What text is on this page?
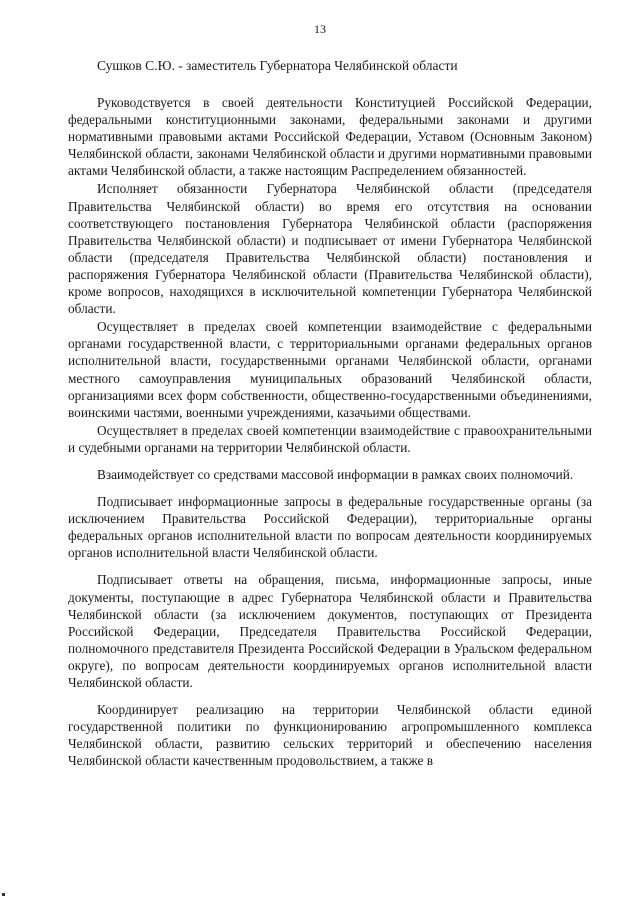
13
Сушков С.Ю. - заместитель Губернатора Челябинской области

Руководствуется в своей деятельности Конституцией Российской Федерации, федеральными конституционными законами, федеральными законами и другими нормативными правовыми актами Российской Федерации, Уставом (Основным Законом) Челябинской области, законами Челябинской области и другими нормативными правовыми актами Челябинской области, а также настоящим Распределением обязанностей.

Исполняет обязанности Губернатора Челябинской области (председателя Правительства Челябинской области) во время его отсутствия на основании соответствующего постановления Губернатора Челябинской области (распоряжения Правительства Челябинской области) и подписывает от имени Губернатора Челябинской области (председателя Правительства Челябинской области) постановления и распоряжения Губернатора Челябинской области (Правительства Челябинской области), кроме вопросов, находящихся в исключительной компетенции Губернатора Челябинской области.

Осуществляет в пределах своей компетенции взаимодействие с федеральными органами государственной власти, с территориальными органами федеральных органов исполнительной власти, государственными органами Челябинской области, органами местного самоуправления муниципальных образований Челябинской области, организациями всех форм собственности, общественно-государственными объединениями, воинскими частями, военными учреждениями, казачьими обществами.

Осуществляет в пределах своей компетенции взаимодействие с правоохранительными и судебными органами на территории Челябинской области.

Взаимодействует со средствами массовой информации в рамках своих полномочий.

Подписывает информационные запросы в федеральные государственные органы (за исключением Правительства Российской Федерации), территориальные органы федеральных органов исполнительной власти по вопросам деятельности координируемых органов исполнительной власти Челябинской области.

Подписывает ответы на обращения, письма, информационные запросы, иные документы, поступающие в адрес Губернатора Челябинской области и Правительства Челябинской области (за исключением документов, поступающих от Президента Российской Федерации, Председателя Правительства Российской Федерации, полномочного представителя Президента Российской Федерации в Уральском федеральном округе), по вопросам деятельности координируемых органов исполнительной власти Челябинской области.

Координирует реализацию на территории Челябинской области единой государственной политики по функционированию агропромышленного комплекса Челябинской области, развитию сельских территорий и обеспечению населения Челябинской области качественным продовольствием, а также в
